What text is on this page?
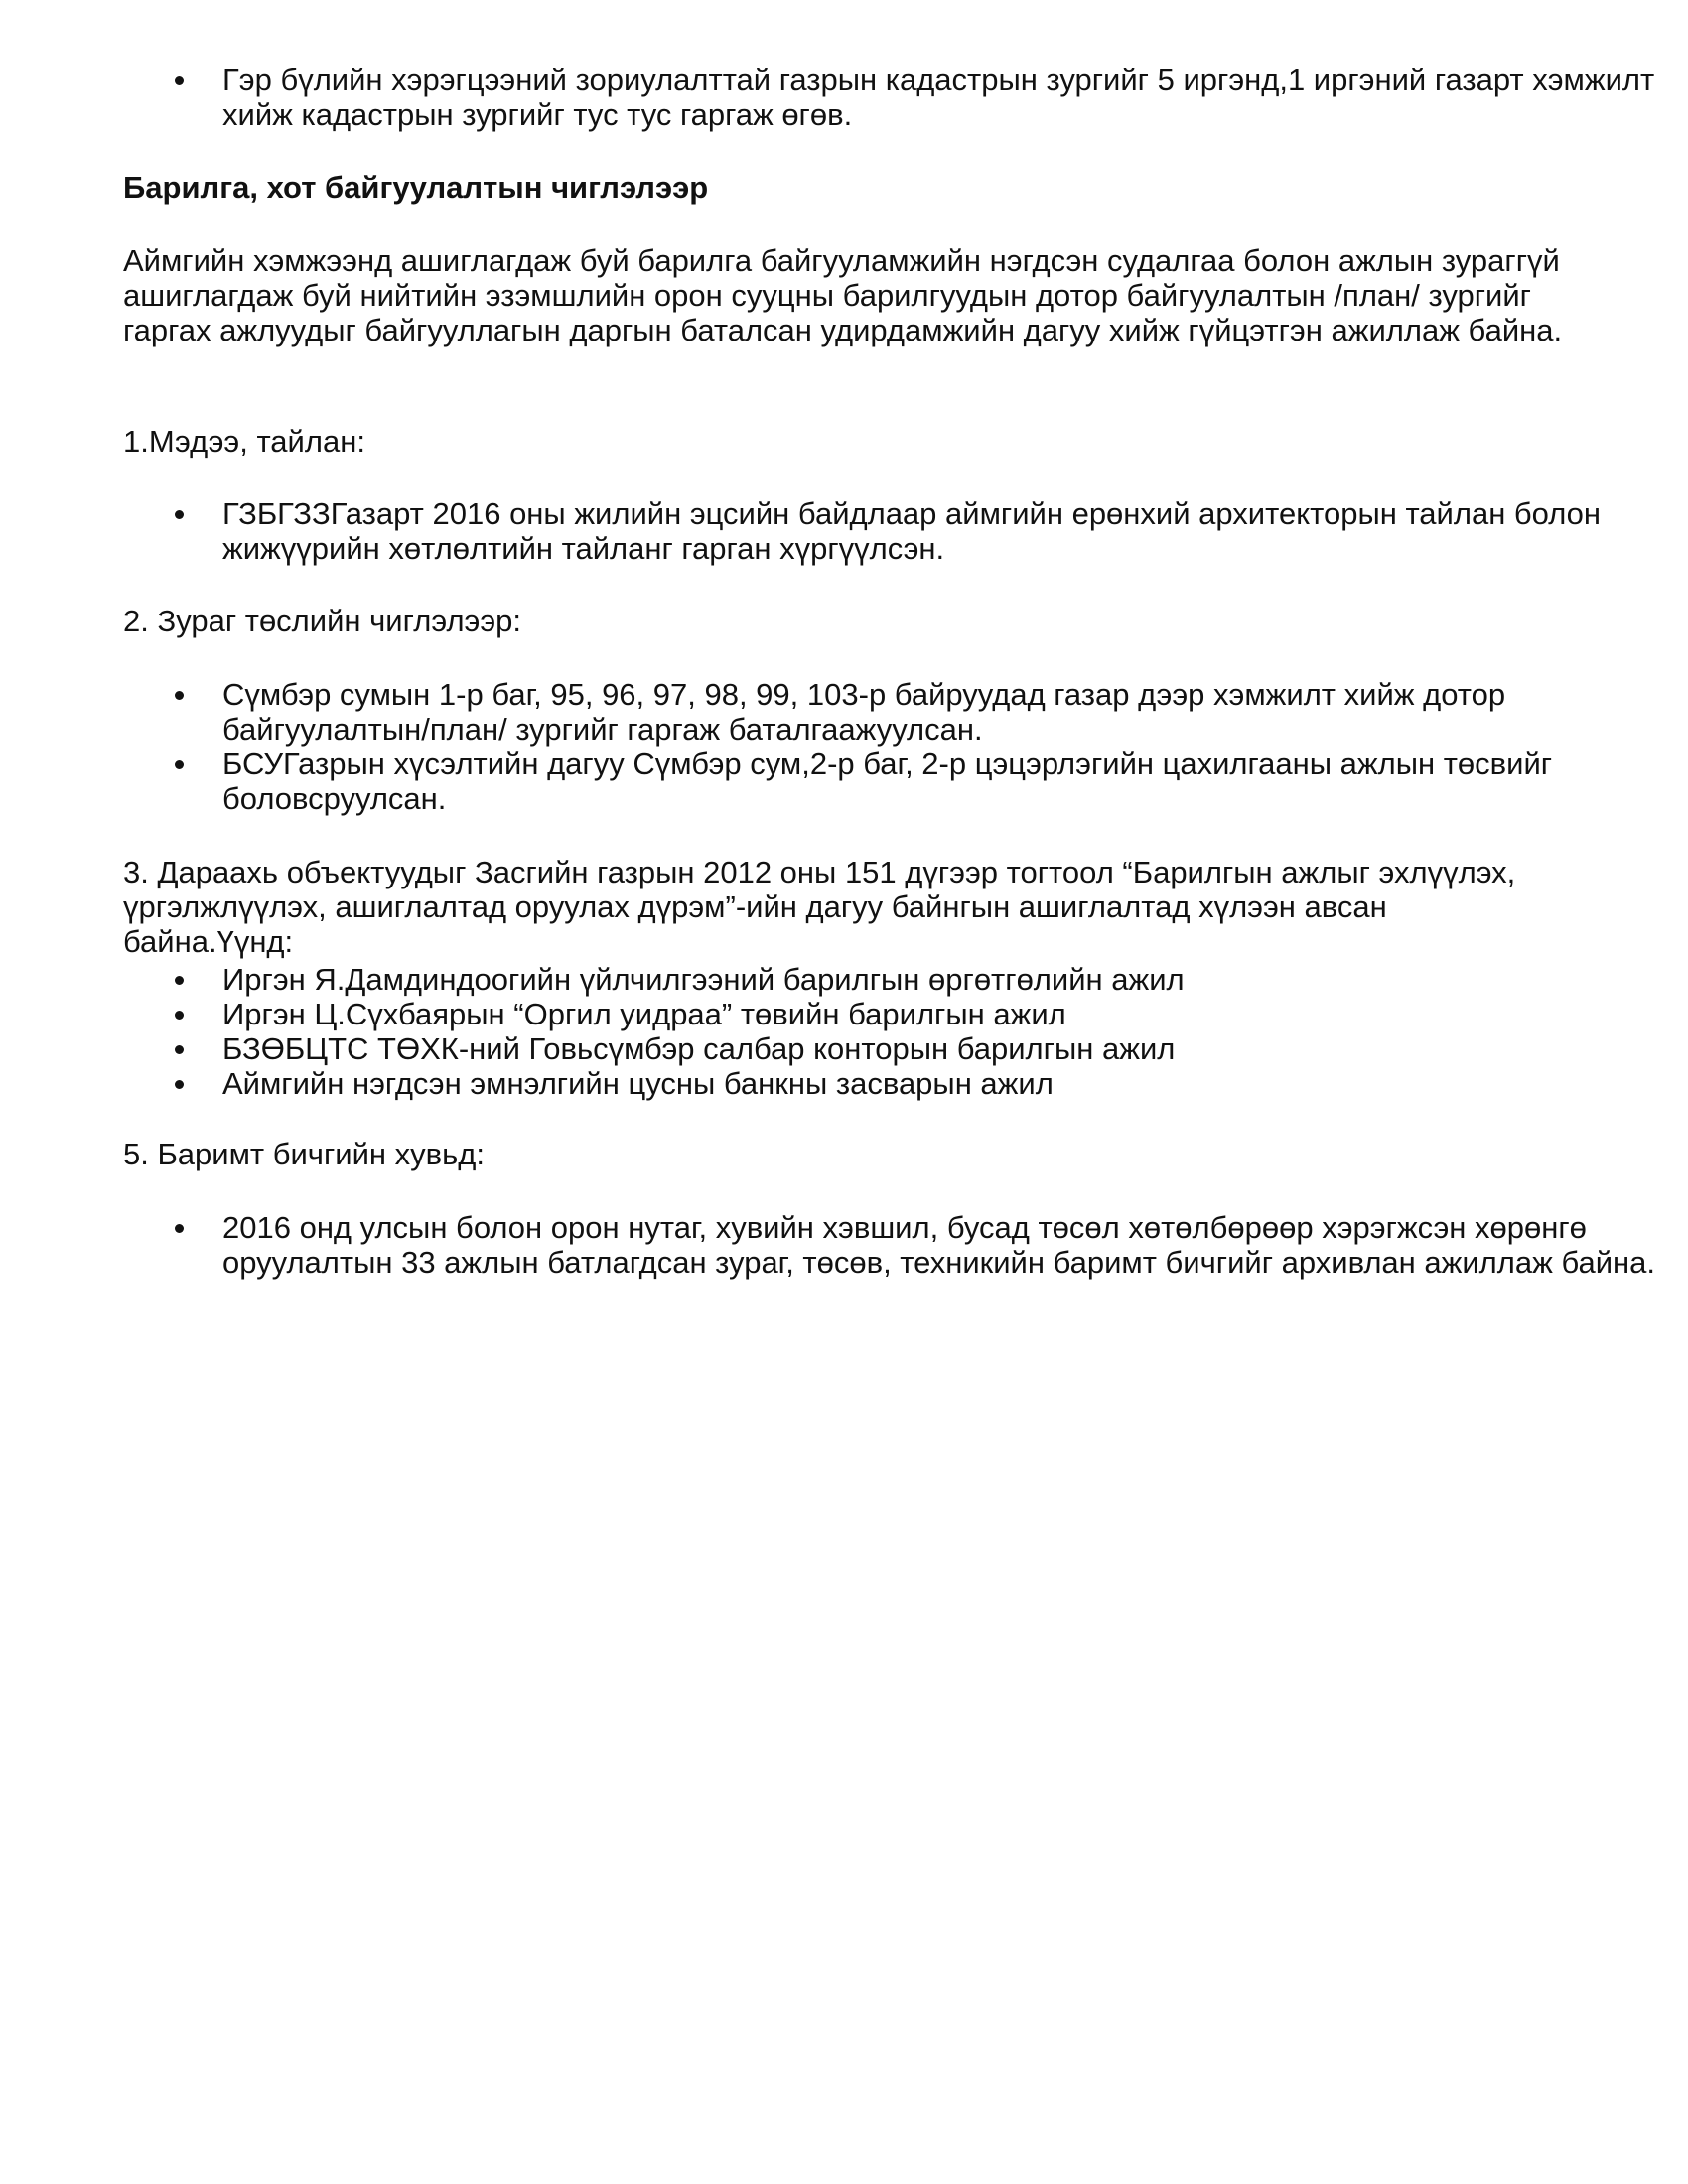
Гэр бүлийн хэрэгцээний зориулалттай газрын кадастрын зургийг 5 иргэнд,1 иргэний газарт хэмжилт хийж кадастрын зургийг тус тус гаргаж өгөв.

Барилга, хот байгуулалтын чиглэлээр

Аймгийн хэмжээнд ашиглагдаж буй барилга байгууламжийн нэгдсэн судалгаа болон ажлын зураггүй ашиглагдаж буй нийтийн эзэмшлийн орон сууцны барилгуудын дотор байгуулалтын /план/ зургийг гаргах ажлуудыг байгууллагын даргын баталсан удирдамжийн дагуу хийж гүйцэтгэн ажиллаж байна.

1.Мэдээ, тайлан:

ГЗБГЗЗГазарт 2016 оны жилийн эцсийн байдлаар аймгийн ерөнхий архитекторын тайлан болон жижүүрийн хөтлөлтийн тайланг гарган хүргүүлсэн.

2. Зураг төслийн чиглэлээр:

Сүмбэр сумын 1-р баг, 95, 96, 97, 98, 99, 103-р байруудад газар дээр хэмжилт хийж дотор байгуулалтын/план/ зургийг гаргаж баталгаажуулсан.
БСУГазрын хүсэлтийн дагуу Сүмбэр сум,2-р баг, 2-р цэцэрлэгийн цахилгааны ажлын төсвийг боловсруулсан.

3. Дараахь объектуудыг Засгийн газрын 2012 оны 151 дүгээр тогтоол “Барилгын ажлыг эхлүүлэх, үргэлжлүүлэх, ашиглалтад оруулах дүрэм”-ийн дагуу байнгын ашиглалтад хүлээн авсан байна.Үүнд:

Иргэн Я.Дамдиндоогийн үйлчилгээний барилгын өргөтгөлийн ажил
Иргэн Ц.Сүхбаярын “Оргил уидраа” төвийн барилгын ажил
БЗӨБЦТС ТӨХК-ний Говьсүмбэр салбар конторын барилгын ажил
Аймгийн нэгдсэн эмнэлгийн цусны банкны засварын ажил

5. Баримт бичгийн хувьд:

2016 онд улсын болон орон нутаг, хувийн хэвшил, бусад төсөл хөтөлбөрөөр хэрэгжсэн хөрөнгө оруулалтын 33 ажлын батлагдсан зураг, төсөв, техникийн баримт бичгийг архивлан ажиллаж байна.
